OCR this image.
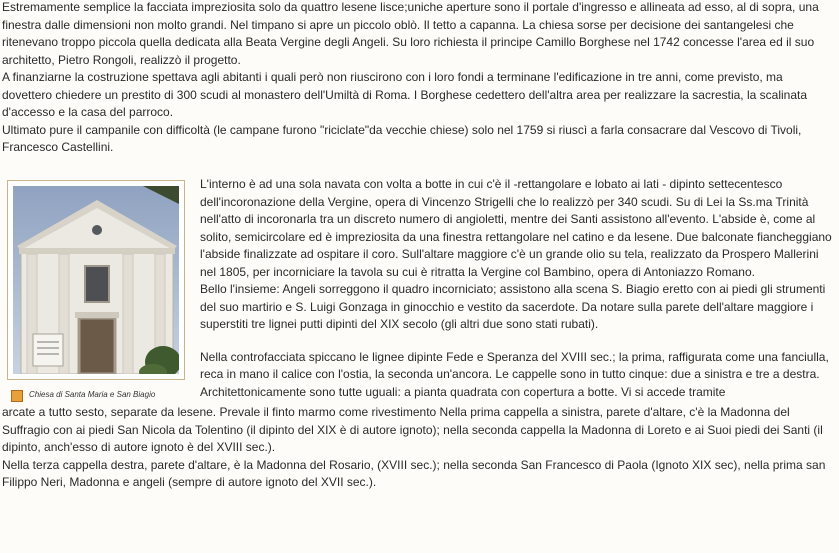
Estremamente semplice la facciata impreziosita solo da quattro lesene lisce;uniche aperture sono il portale d'ingresso e allineata ad esso, al di sopra, una finestra dalle dimensioni non molto grandi. Nel timpano si apre un piccolo oblò. Il tetto a capanna. La chiesa sorse per decisione dei santangelesi che ritenevano troppo piccola quella dedicata alla Beata Vergine degli Angeli. Su loro richiesta il principe Camillo Borghese nel 1742 concesse l'area ed il suo architetto, Pietro Rongoli, realizzò il progetto.

A finanziarne la costruzione spettava agli abitanti i quali però non riuscirono con i loro fondi a terminane l'edificazione in tre anni, come previsto, ma dovettero chiedere un prestito di 300 scudi al monastero dell'Umiltà di Roma. I Borghese cedettero dell'altra area per realizzare la sacrestia, la scalinata d'accesso e la casa del parroco.

Ultimato pure il campanile con difficoltà (le campane furono "riciclate"da vecchie chiese) solo nel 1759 si riuscì a farla consacrare dal Vescovo di Tivoli, Francesco Castellini.

Chiesa di Santa Maria e San Biagio

L'interno è ad una sola navata con volta a botte in cui c'è il -rettangolare e lobato ai lati - dipinto settecentesco dell'incoronazione della Vergine, opera di Vincenzo Strigelli che lo realizzò per 340 scudi. Su di Lei la Ss.ma Trinità nell'atto di incoronarla tra un discreto numero di angioletti, mentre dei Santi assistono all'evento. L'abside è, come al solito, semicircolare ed è impreziosita da una finestra rettangolare nel catino e da lesene. Due balconate fiancheggiano l'abside finalizzate ad ospitare il coro. Sull'altare maggiore c'è un grande olio su tela, realizzato da Prospero Mallerini nel 1805, per incorniciare la tavola su cui è ritratta la Vergine col Bambino, opera di Antoniazzo Romano.

Bello l'insieme: Angeli sorreggono il quadro incorniciato; assistono alla scena S. Biagio eretto con ai piedi gli strumenti del suo martirio e S. Luigi Gonzaga in ginocchio e vestito da sacerdote. Da notare sulla parete dell'altare maggiore i superstiti tre lignei putti dipinti del XIX secolo (gli altri due sono stati rubati).

Nella controfacciata spiccano le lignee dipinte Fede e Speranza del XVIII sec.; la prima, raffigurata come una fanciulla, reca in mano il calice con l'ostia, la seconda un'ancora. Le cappelle sono in tutto cinque: due a sinistra e tre a destra. Architettonicamente sono tutte uguali: a pianta quadrata con copertura a botte. Vi si accede tramite

arcate a tutto sesto, separate da lesene. Prevale il finto marmo come rivestimento Nella prima cappella a sinistra, parete d'altare, c'è la Madonna del Suffragio con ai piedi San Nicola da Tolentino (il dipinto del XIX è di autore ignoto); nella seconda cappella la Madonna di Loreto e ai Suoi piedi dei Santi (il dipinto, anch'esso di autore ignoto è del XVIII sec.).

Nella terza cappella destra, parete d'altare, è la Madonna del Rosario, (XVIII sec.); nella seconda San Francesco di Paola (Ignoto XIX sec), nella prima san Filippo Neri, Madonna e angeli (sempre di autore ignoto del XVII sec.).
